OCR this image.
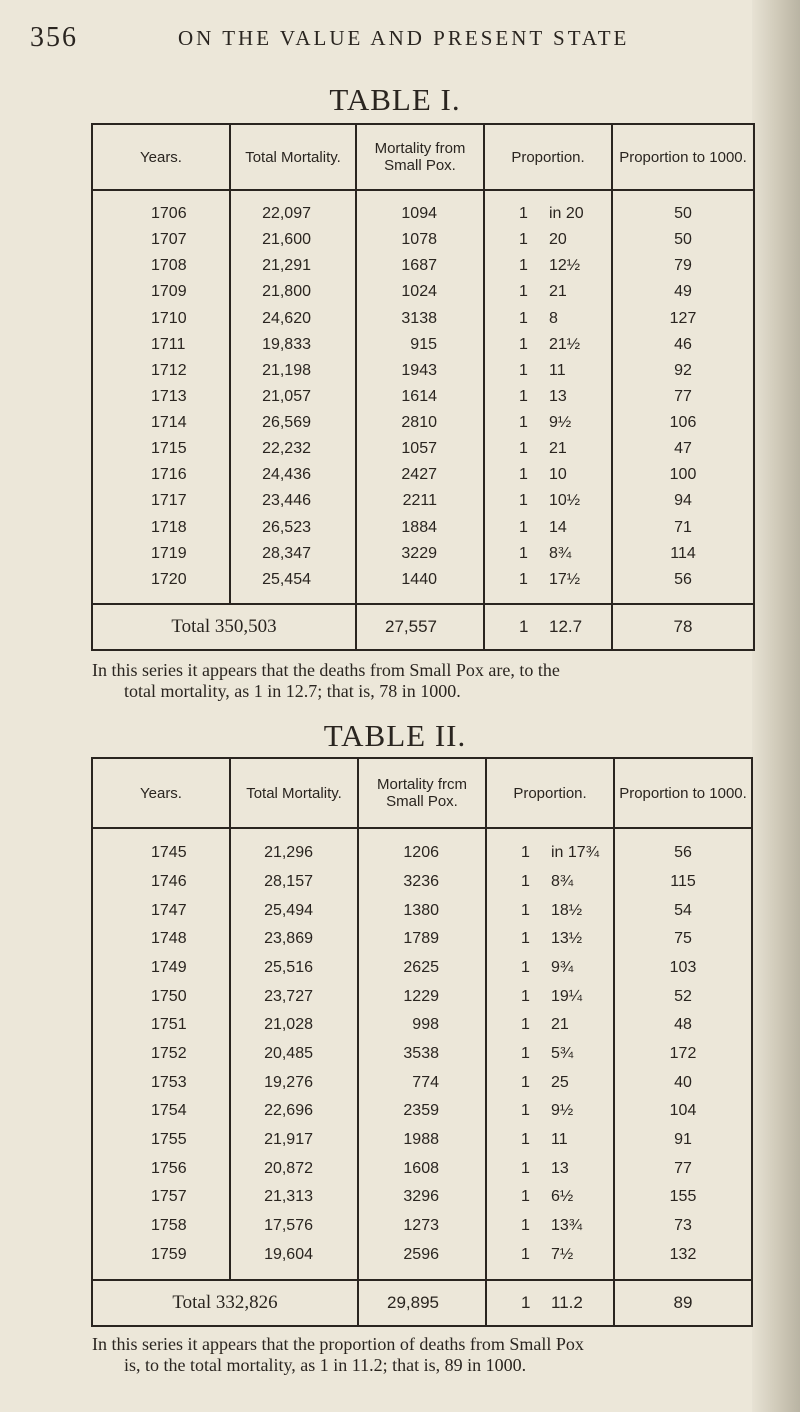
356	ON THE VALUE AND PRESENT STATE
TABLE I.
Years.	Total Mortality.	Mortality from Small Pox.	Proportion.	Proportion to 1000.

1706	22,097	1094	1 in 20	50
1707	21,600	1078	1 20	50
1708	21,291	1687	1 12½	79
1709	21,800	1024	1 21	49
1710	24,620	3138	1 8	127
1711	19,833	915	1 21½	46
1712	21,198	1943	1 11	92
1713	21,057	1614	1 13	77
1714	26,569	2810	1 9½	106
1715	22,232	1057	1 21	47
1716	24,436	2427	1 10	100
1717	23,446	2211	1 10½	94
1718	26,523	1884	1 14	71
1719	28,347	3229	1 8¾	114
1720	25,454	1440	1 17½	56

Total 350,503		27,557	1 12.7	78
In this series it appears that the deaths from Small Pox are, to the
total mortality, as 1 in 12.7; that is, 78 in 1000.
TABLE II.
Years.	Total Mortality.	Mortality frcm Small Pox.	Proportion.	Proportion to 1000.

1745	21,296	1206	1 in 17¾	56
1746	28,157	3236	1 8¾	115
1747	25,494	1380	1 18½	54
1748	23,869	1789	1 13½	75
1749	25,516	2625	1 9¾	103
1750	23,727	1229	1 19¼	52
1751	21,028	998	1 21	48
1752	20,485	3538	1 5¾	172
1753	19,276	774	1 25	40
1754	22,696	2359	1 9½	104
1755	21,917	1988	1 11	91
1756	20,872	1608	1 13	77
1757	21,313	3296	1 6½	155
1758	17,576	1273	1 13¾	73
1759	19,604	2596	1 7½	132

Total 332,826		29,895	1 11.2	89
In this series it appears that the proportion of deaths from Small Pox
is, to the total mortality, as 1 in 11.2; that is, 89 in 1000.
